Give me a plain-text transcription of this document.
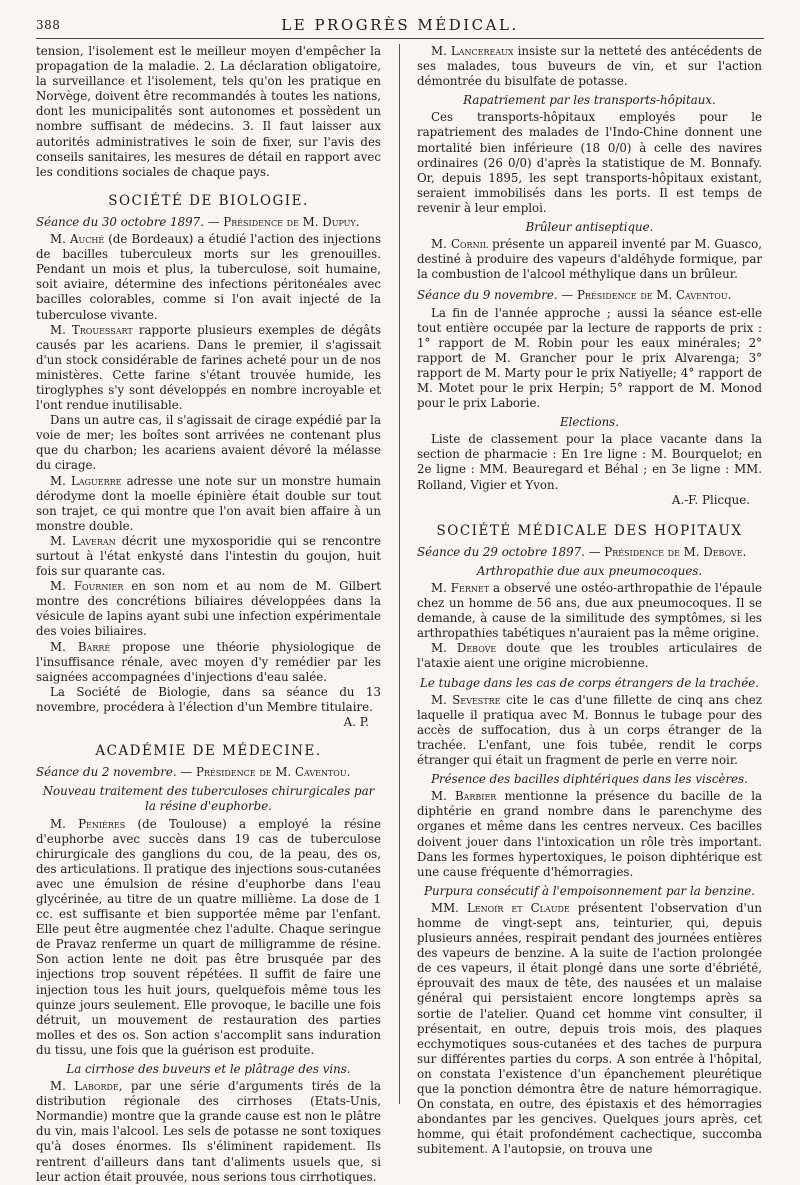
388	LE PROGRÈS MÉDICAL.

tension, l'isolement est le meilleur moyen d'empêcher la propagation de la maladie. 2. La déclaration obligatoire, la surveillance et l'isolement, tels qu'on les pratique en Norvège, doivent être recommandés à toutes les nations, dont les municipalités sont autonomes et possèdent un nombre suffisant de médecins. 3. Il faut laisser aux autorités administratives le soin de fixer, sur l'avis des conseils sanitaires, les mesures de détail en rapport avec les conditions sociales de chaque pays.

SOCIÉTÉ DE BIOLOGIE.
Séance du 30 octobre 1897. — Présidence de M. Dupuy.

M. Auché (de Bordeaux) a étudié l'action des injections de bacilles tuberculeux morts sur les grenouilles. Pendant un mois et plus, la tuberculose, soit humaine, soit aviaire, détermine des infections péritonéales avec bacilles colorables, comme si l'on avait injecté de la tuberculose vivante.

M. Trouessart rapporte plusieurs exemples de dégâts causés par les acariens. Dans le premier, il s'agissait d'un stock considérable de farines acheté pour un de nos ministères. Cette farine s'étant trouvée humide, les tiroglyphes s'y sont développés en nombre incroyable et l'ont rendue inutilisable.

Dans un autre cas, il s'agissait de cirage expédié par la voie de mer; les boîtes sont arrivées ne contenant plus que du charbon; les acariens avaient dévoré la mélasse du cirage.

M. Laguerre adresse une note sur un monstre humain dérodyme dont la moelle épinière était double sur tout son trajet, ce qui montre que l'on avait bien affaire à un monstre double.

M. Laveran décrit une myxosporidie qui se rencontre surtout à l'état enkysté dans l'intestin du goujon, huit fois sur quarante cas.

M. Fournier en son nom et au nom de M. Gilbert montre des concrétions biliaires développées dans la vésicule de lapins ayant subi une infection expérimentale des voies biliaires.

M. Barré propose une théorie physiologique de l'insuffisance rénale, avec moyen d'y remédier par les saignées accompagnées d'injections d'eau salée.

La Société de Biologie, dans sa séance du 13 novembre, procédera à l'élection d'un Membre titulaire.

A. P.
ACADÉMIE DE MÉDECINE.
Séance du 2 novembre. — Présidence de M. Caventou.
Nouveau traitement des tuberculoses chirurgicales par la résine d'euphorbe.

M. Penières (de Toulouse) a employé la résine d'euphorbe avec succès dans 19 cas de tuberculose chirurgicale des ganglions du cou, de la peau, des os, des articulations. Il pratique des injections sous-cutanées avec une émulsion de résine d'euphorbe dans l'eau glycérinée, au titre de un quatre millième. La dose de 1 cc. est suffisante et bien supportée même par l'enfant. Elle peut être augmentée chez l'adulte. Chaque seringue de Pravaz renferme un quart de milligramme de résine. Son action lente ne doit pas être brusquée par des injections trop souvent répétées. Il suffit de faire une injection tous les huit jours, quelquefois même tous les quinze jours seulement. Elle provoque, le bacille une fois détruit, un mouvement de restauration des parties molles et des os. Son action s'accomplit sans induration du tissu, une fois que la guérison est produite.

La cirrhose des buveurs et le plâtrage des vins.

M. Laborde, par une série d'arguments tirés de la distribution régionale des cirrhoses (Etats-Unis, Normandie) montre que la grande cause est non le plâtre du vin, mais l'alcool. Les sels de potasse ne sont toxiques qu'à doses énormes. Ils s'éliminent rapidement. Ils rentrent d'ailleurs dans tant d'aliments usuels que, si leur action était prouvée, nous serions tous cirrhotiques.

M. Lancereaux insiste sur la netteté des antécédents de ses malades, tous buveurs de vin, et sur l'action démontrée du bisulfate de potasse.

Rapatriement par les transports-hôpitaux.

Ces transports-hôpitaux employés pour le rapatriement des malades de l'Indo-Chine donnent une mortalité bien inférieure (18 0/0) à celle des navires ordinaires (26 0/0) d'après la statistique de M. Bonnafy. Or, depuis 1895, les sept transports-hôpitaux existant, seraient immobilisés dans les ports. Il est temps de revenir à leur emploi.

Brûleur antiseptique.

M. Cornil présente un appareil inventé par M. Guasco, destiné à produire des vapeurs d'aldéhyde formique, par la combustion de l'alcool méthylique dans un brûleur.

Séance du 9 novembre. — Présidence de M. Caventou.

La fin de l'année approche ; aussi la séance est-elle tout entière occupée par la lecture de rapports de prix : 1° rapport de M. Robin pour les eaux minérales; 2° rapport de M. Grancher pour le prix Alvarenga; 3° rapport de M. Marty pour le prix Natiyelle; 4° rapport de M. Motet pour le prix Herpin; 5° rapport de M. Monod pour le prix Laborie.

Elections.

Liste de classement pour la place vacante dans la section de pharmacie : En 1re ligne : M. Bourquelot; en 2e ligne : MM. Beauregard et Béhal ; en 3e ligne : MM. Rolland, Vigier et Yvon.

A.-F. Plicque.
SOCIÉTÉ MÉDICALE DES HOPITAUX
Séance du 29 octobre 1897. — Présidence de M. Debove.
Arthropathie due aux pneumocoques.

M. Fernet a observé une ostéo-arthropathie de l'épaule chez un homme de 56 ans, due aux pneumocoques. Il se demande, à cause de la similitude des symptômes, si les arthropathies tabétiques n'auraient pas la même origine.

M. Debove doute que les troubles articulaires de l'ataxie aient une origine microbienne.

Le tubage dans les cas de corps étrangers de la trachée.

M. Sevestre cite le cas d'une fillette de cinq ans chez laquelle il pratiqua avec M. Bonnus le tubage pour des accès de suffocation, dus à un corps étranger de la trachée. L'enfant, une fois tubée, rendit le corps étranger qui était un fragment de perle en verre noir.

Présence des bacilles diphtériques dans les viscères.

M. Barbier mentionne la présence du bacille de la diphtérie en grand nombre dans le parenchyme des organes et même dans les centres nerveux. Ces bacilles doivent jouer dans l'intoxication un rôle très important. Dans les formes hypertoxiques, le poison diphtérique est une cause fréquente d'hémorragies.

Purpura consécutif à l'empoisonnement par la benzine.

MM. Lenoir et Claude présentent l'observation d'un homme de vingt-sept ans, teinturier, qui, depuis plusieurs années, respirait pendant des journées entières des vapeurs de benzine. A la suite de l'action prolongée de ces vapeurs, il était plongé dans une sorte d'ébriété, éprouvait des maux de tête, des nausées et un malaise général qui persistaient encore longtemps après sa sortie de l'atelier. Quand cet homme vint consulter, il présentait, en outre, depuis trois mois, des plaques ecchymotiques sous-cutanées et des taches de purpura sur différentes parties du corps. A son entrée à l'hôpital, on constata l'existence d'un épanchement pleurétique que la ponction démontra être de nature hémorragique. On constata, en outre, des épistaxis et des hémorragies abondantes par les gencives. Quelques jours après, cet homme, qui était profondément cachectique, succomba subitement. A l'autopsie, on trouva une
